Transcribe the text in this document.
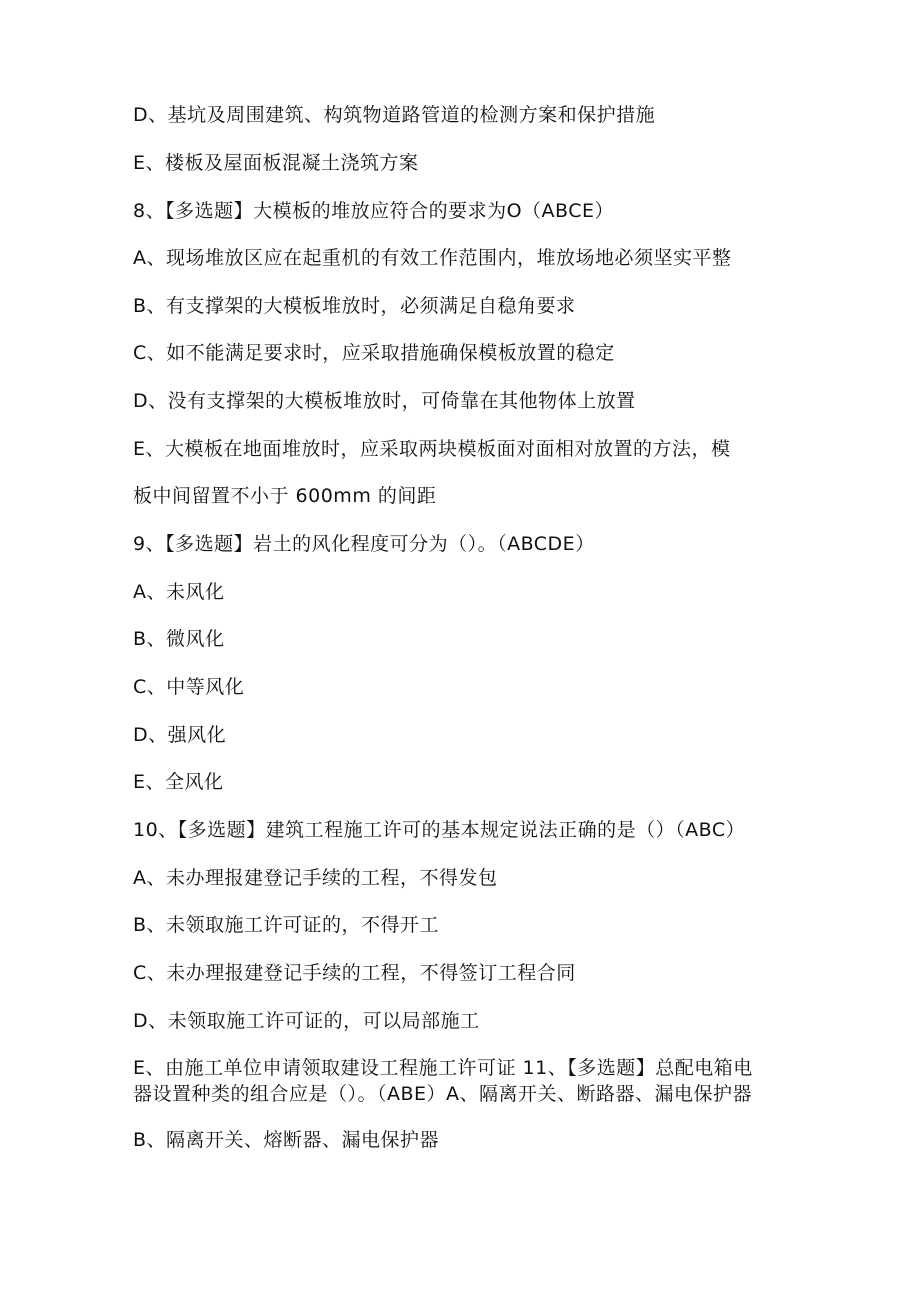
D、基坑及周围建筑、构筑物道路管道的检测方案和保护措施
E、楼板及屋面板混凝土浇筑方案
8、【多选题】大模板的堆放应符合的要求为O（ABCE）
A、现场堆放区应在起重机的有效工作范围内，堆放场地必须坚实平整
B、有支撑架的大模板堆放时，必须满足自稳角要求
C、如不能满足要求时，应采取措施确保模板放置的稳定
D、没有支撑架的大模板堆放时，可倚靠在其他物体上放置
E、大模板在地面堆放时，应采取两块模板面对面相对放置的方法，模
板中间留置不小于 600mm 的间距
9、【多选题】岩土的风化程度可分为（）。（ABCDE）
A、未风化
B、微风化
C、中等风化
D、强风化
E、全风化
10、【多选题】建筑工程施工许可的基本规定说法正确的是（）（ABC）
A、未办理报建登记手续的工程，不得发包
B、未领取施工许可证的，不得开工
C、未办理报建登记手续的工程，不得签订工程合同
D、未领取施工许可证的，可以局部施工
E、由施工单位申请领取建设工程施工许可证 11、【多选题】总配电箱电
器设置种类的组合应是（）。（ABE）A、隔离开关、断路器、漏电保护器
B、隔离开关、熔断器、漏电保护器
